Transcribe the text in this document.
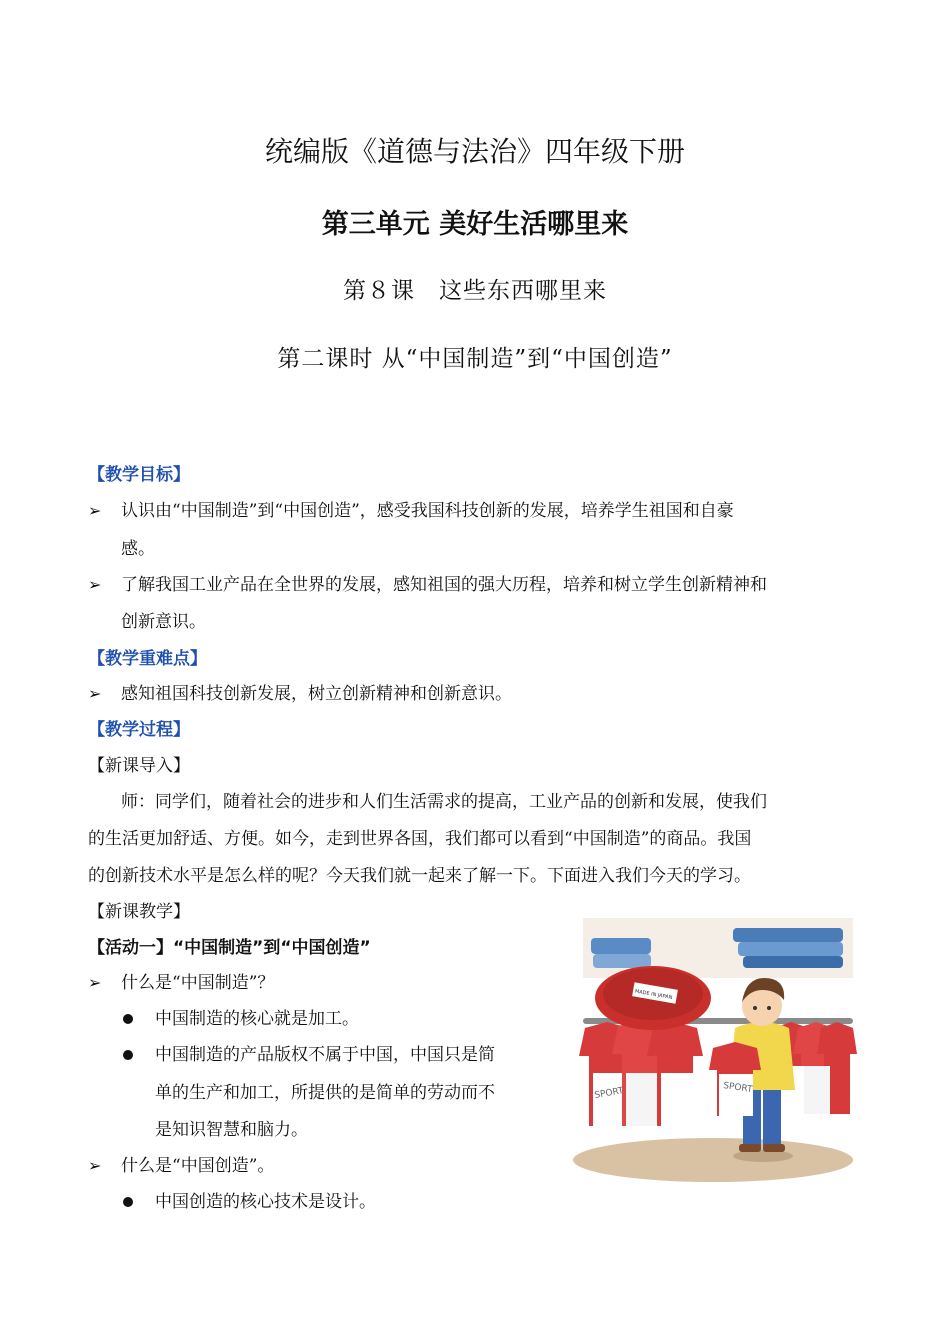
统编版《道德与法治》四年级下册
第三单元 美好生活哪里来
第８课　这些东西哪里来
第二课时 从“中国制造”到“中国创造”
【教学目标】
➢ 认识由“中国制造”到“中国创造”，感受我国科技创新的发展，培养学生祖国和自豪
感。
➢ 了解我国工业产品在全世界的发展，感知祖国的强大历程，培养和树立学生创新精神和
创新意识。
【教学重难点】
➢ 感知祖国科技创新发展，树立创新精神和创新意识。
【教学过程】
【新课导入】
师：同学们，随着社会的进步和人们生活需求的提高，工业产品的创新和发展，使我们
的生活更加舒适、方便。如今，走到世界各国，我们都可以看到“中国制造”的商品。我国
的创新技术水平是怎么样的呢？今天我们就一起来了解一下。下面进入我们今天的学习。
【新课教学】
【活动一】“中国制造”到“中国创造”
➢ 什么是“中国制造”？
中国制造的核心就是加工。
中国制造的产品版权不属于中国，中国只是简
单的生产和加工，所提供的是简单的劳动而不
是知识智慧和脑力。
➢ 什么是“中国创造”。
中国创造的核心技术是设计。
SPORT
MADE IN JAPAN
SPORT
